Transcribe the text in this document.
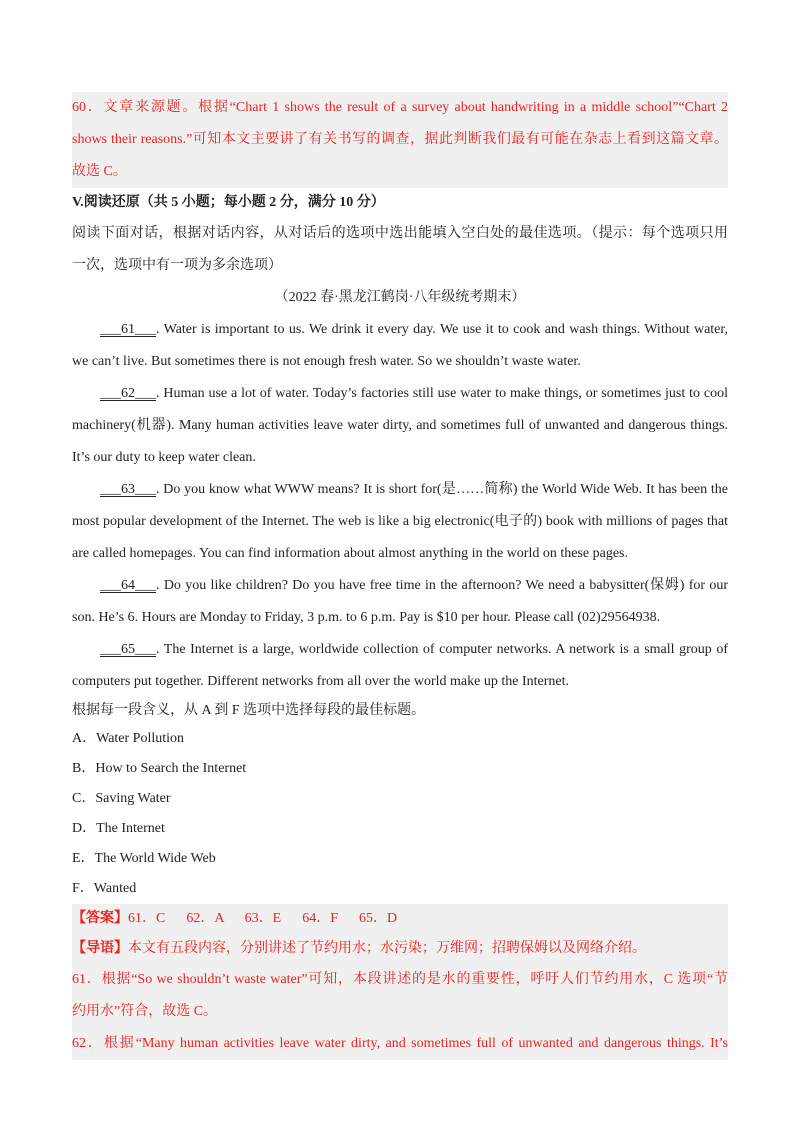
60．文章来源题。根据“Chart 1 shows the result of a survey about handwriting in a middle school”“Chart 2
shows their reasons.”可知本文主要讲了有关书写的调查，据此判断我们最有可能在杂志上看到这篇文章。
故选 C。
V.阅读还原（共 5 小题；每小题 2 分，满分 10 分）
阅读下面对话，根据对话内容，从对话后的选项中选出能填入空白处的最佳选项。（提示：每个选项只用
一次，选项中有一项为多余选项）
（2022 春·黑龙江鹤岗·八年级统考期末）
___61___. Water is important to us. We drink it every day. We use it to cook and wash things. Without water,
we can’t live. But sometimes there is not enough fresh water. So we shouldn’t waste water.
___62___. Human use a lot of water. Today’s factories still use water to make things, or sometimes just to cool
machinery(机器). Many human activities leave water dirty, and sometimes full of unwanted and dangerous things.
It’s our duty to keep water clean.
___63___. Do you know what WWW means? It is short for(是……简称) the World Wide Web. It has been the
most popular development of the Internet. The web is like a big electronic(电子的) book with millions of pages that
are called homepages. You can find information about almost anything in the world on these pages.
___64___. Do you like children? Do you have free time in the afternoon? We need a babysitter(保姆) for our
son. He’s 6. Hours are Monday to Friday, 3 p.m. to 6 p.m. Pay is $10 per hour. Please call (02)29564938.
___65___. The Internet is a large, worldwide collection of computer networks. A network is a small group of
computers put together. Different networks from all over the world make up the Internet.
根据每一段含义，从 A 到 F 选项中选择每段的最佳标题。
A．Water Pollution
B．How to Search the Internet
C．Saving Water
D．The Internet
E．The World Wide Web
F．Wanted
【答案】61．C      62．A      63．E      64．F      65．D
【导语】本文有五段内容，分别讲述了节约用水；水污染；万维网；招聘保姆以及网络介绍。
61．根据“So we shouldn’t waste water”可知，本段讲述的是水的重要性，呼吁人们节约用水，C 选项“节
约用水”符合，故选 C。
62．根据“Many human activities leave water dirty, and sometimes full of unwanted and dangerous things. It’s
